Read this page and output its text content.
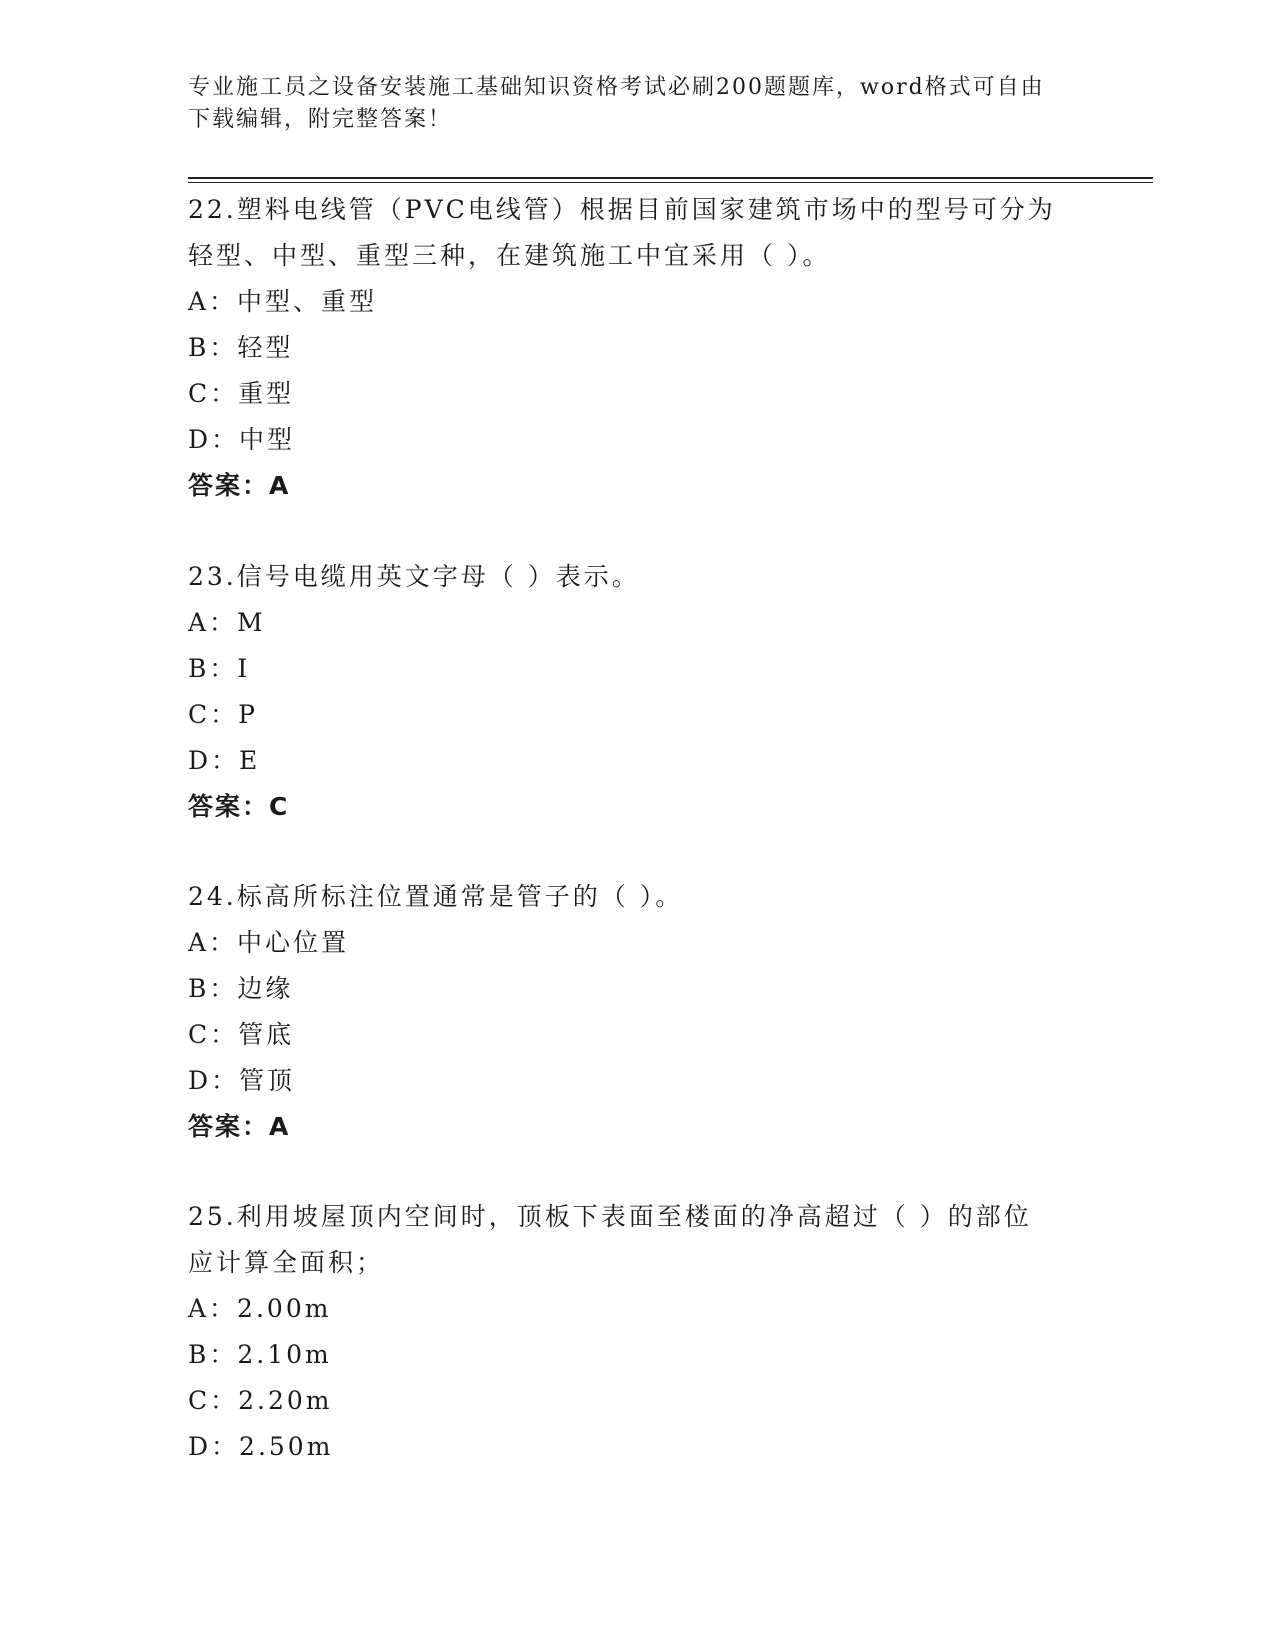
专业施工员之设备安装施工基础知识资格考试必刷200题题库，word格式可自由
下载编辑，附完整答案！

22.塑料电线管（PVC电线管）根据目前国家建筑市场中的型号可分为

轻型、中型、重型三种，在建筑施工中宜采用（ ）。

A：中型、重型

B：轻型

C：重型

D：中型

答案：A

23.信号电缆用英文字母（ ）表示。

A：M

B：I

C：P

D：E

答案：C

24.标高所标注位置通常是管子的（ ）。

A：中心位置

B：边缘

C：管底

D：管顶

答案：A

25.利用坡屋顶内空间时，顶板下表面至楼面的净高超过（ ）的部位

应计算全面积；

A：2.00m

B：2.10m

C：2.20m

D：2.50m
